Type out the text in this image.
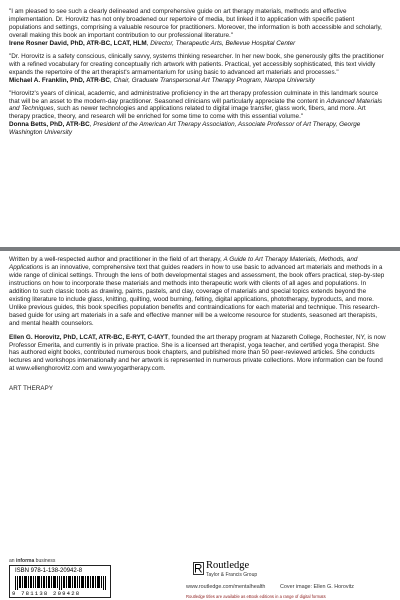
"I am pleased to see such a clearly delineated and comprehensive guide on art therapy materials, methods and effective implementation. Dr. Horovitz has not only broadened our repertoire of media, but linked it to application with specific patient populations and settings, comprising a valuable resource for practitioners. Moreover, the information is both accessible and scholarly, overall making this book an important contribution to our professional literature."

Irene Rosner David, PhD, ATR-BC, LCAT, HLM, Director, Therapeutic Arts, Bellevue Hospital Center

"Dr. Horovitz is a safety conscious, clinically savvy, systems thinking researcher. In her new book, she generously gifts the practitioner with a refined vocabulary for creating conceptually rich artwork with patients. Practical, yet accessibly sophisticated, this text vividly expands the repertoire of the art therapist's armamentarium for using basic to advanced art materials and processes."

Michael A. Franklin, PhD, ATR-BC, Chair, Graduate Transpersonal Art Therapy Program, Naropa University

"Horovitz's years of clinical, academic, and administrative proficiency in the art therapy profession culminate in this landmark source that will be an asset to the modern-day practitioner. Seasoned clinicians will particularly appreciate the content in Advanced Materials and Techniques, such as newer technologies and applications related to digital image transfer, glass work, fibers, and more. Art therapy practice, theory, and research will be enriched for some time to come with this essential volume."

Donna Betts, PhD, ATR-BC, President of the American Art Therapy Association, Associate Professor of Art Therapy, George Washington University

Written by a well-respected author and practitioner in the field of art therapy, A Guide to Art Therapy Materials, Methods, and Applications is an innovative, comprehensive text that guides readers in how to use basic to advanced art materials and methods in a wide range of clinical settings. Through the lens of both developmental stages and assessment, the book offers practical, step-by-step instructions on how to incorporate these materials and methods into therapeutic work with clients of all ages and populations. In addition to such classic tools as drawing, paints, pastels, and clay, coverage of materials and special topics extends beyond the existing literature to include glass, knitting, quilting, wood burning, felting, digital applications, phototherapy, byproducts, and more. Unlike previous guides, this book specifies population benefits and contraindications for each material and technique. This research-based guide for using art materials in a safe and effective manner will be a welcome resource for students, seasoned art therapists, and mental health counselors.

Ellen G. Horovitz, PhD, LCAT, ATR-BC, E-RYT, C-IAYT, founded the art therapy program at Nazareth College, Rochester, NY, is now Professor Emerita, and currently is in private practice. She is a licensed art therapist, yoga teacher, and certified yoga therapist. She has authored eight books, contributed numerous book chapters, and published more than 50 peer-reviewed articles. She conducts lectures and workshops internationally and her artwork is represented in numerous private collections. More information can be found at www.ellenghorovitz.com and www.yogartherapy.com.

ART THERAPY

an informa business
ISBN 978-1-138-20942-8
9 781138 209428
Routledge
Taylor & Francis Group
www.routledge.com/mentalhealth	Cover image: Ellen G. Horovitz
Routledge titles are available as eBook editions in a range of digital formats
